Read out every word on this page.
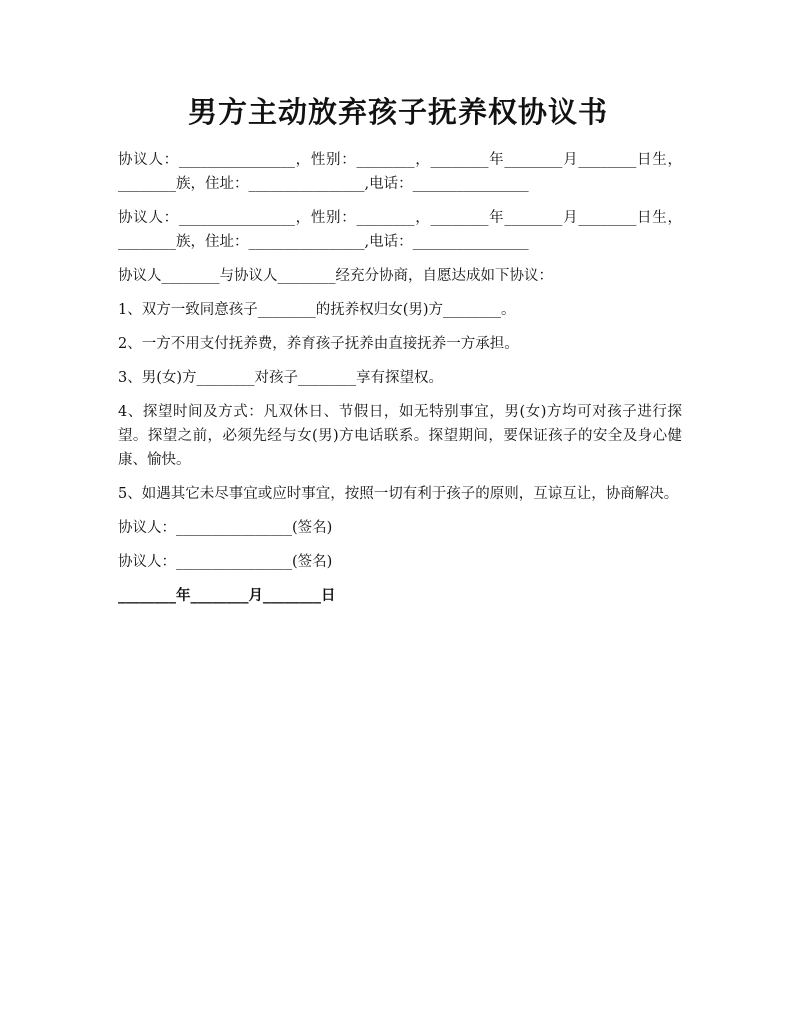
男方主动放弃孩子抚养权协议书

协议人：________________，性别：________，________年________月________日生，________族，住址：________________,电话：________________

协议人：________________，性别：________，________年________月________日生，________族，住址：________________,电话：________________

协议人________与协议人________经充分协商，自愿达成如下协议：

1、双方一致同意孩子________的抚养权归女(男)方________。

2、一方不用支付抚养费，养育孩子抚养由直接抚养一方承担。

3、男(女)方________对孩子________享有探望权。

4、探望时间及方式：凡双休日、节假日，如无特别事宜，男(女)方均可对孩子进行探望。探望之前，必须先经与女(男)方电话联系。探望期间，要保证孩子的安全及身心健康、愉快。

5、如遇其它未尽事宜或应时事宜，按照一切有利于孩子的原则，互谅互让，协商解决。

协议人：________________(签名)

协议人：________________(签名)

________年________月________日
